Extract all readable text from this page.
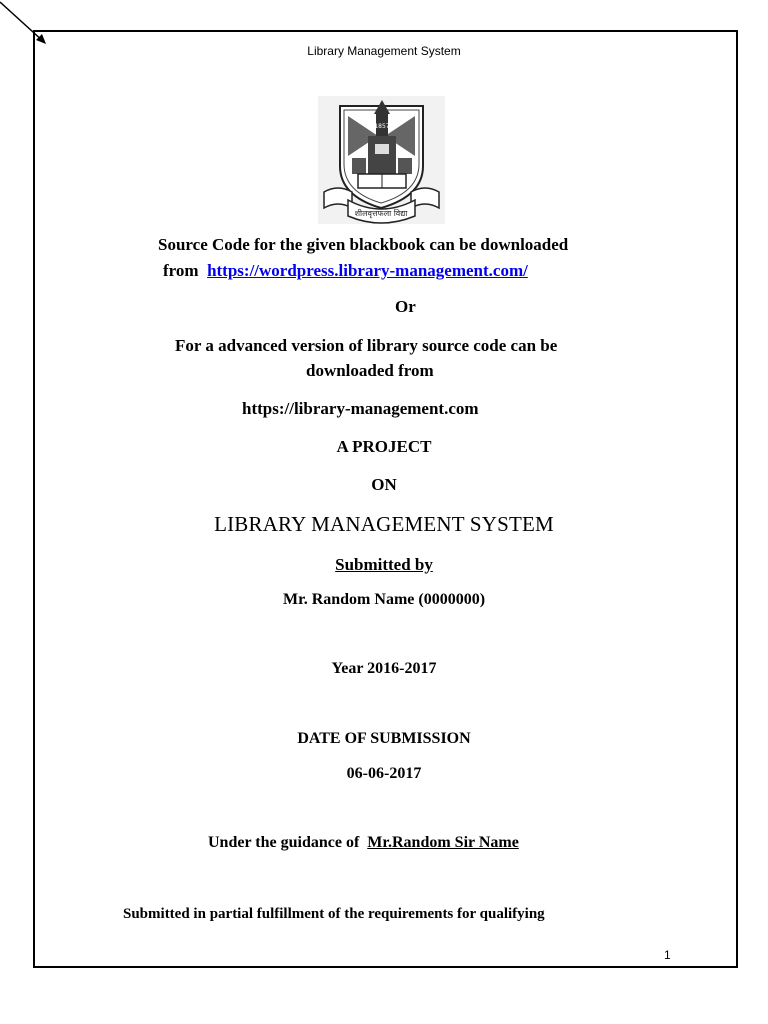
Library Management System
शीलवृत्तफला विद्या
1857
Source Code for the given blackbook can be downloaded
from https://wordpress.library-management.com/
Or
For a advanced version of library source code can be
downloaded from
https://library-management.com
A PROJECT
ON
LIBRARY MANAGEMENT SYSTEM
Submitted by
Mr. Random Name (0000000)
Year 2016-2017
DATE OF SUBMISSION
06-06-2017
Under the guidance of Mr.Random Sir Name
Submitted in partial fulfillment of the requirements for qualifying
1
